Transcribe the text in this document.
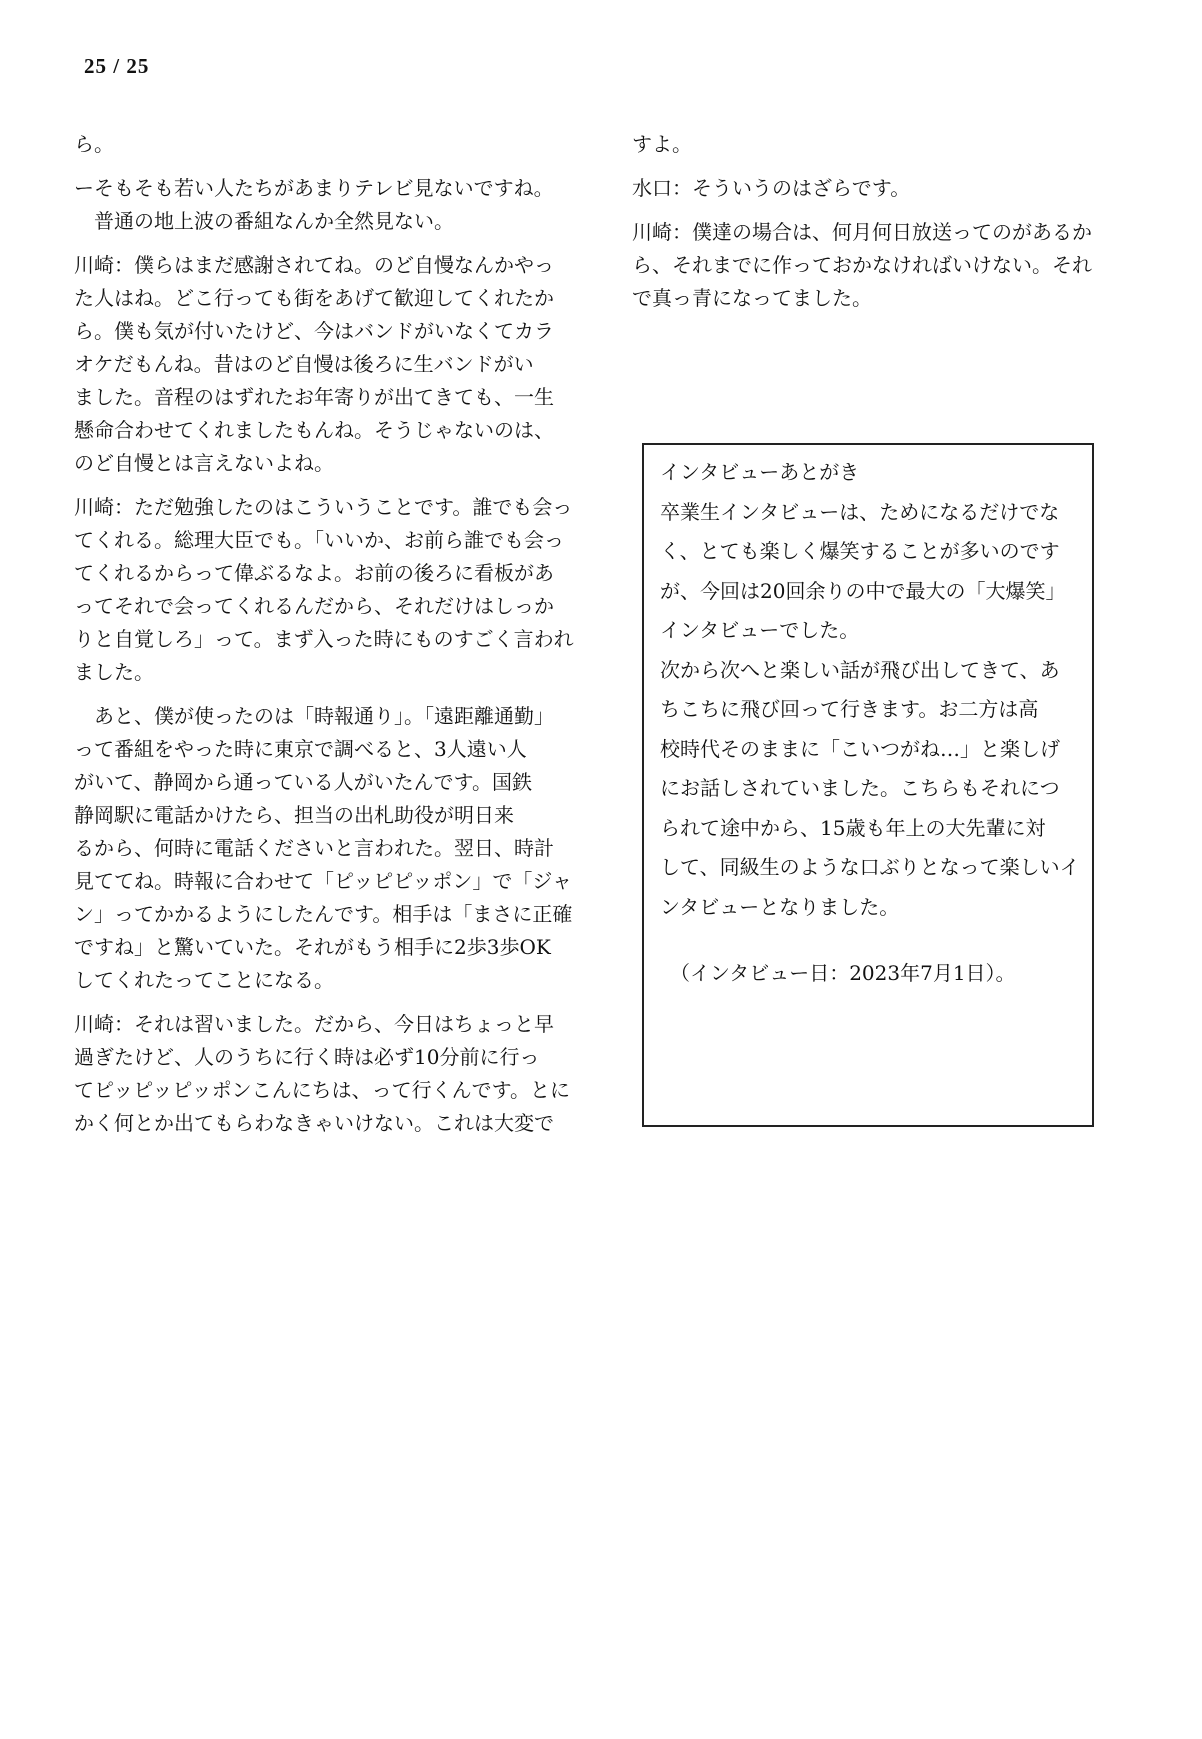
25 / 25

ら。

ーそもそも若い人たちがあまりテレビ見ないですね。
　普通の地上波の番組なんか全然見ない。

川崎：僕らはまだ感謝されてね。のど自慢なんかやっ
た人はね。どこ行っても街をあげて歓迎してくれたか
ら。僕も気が付いたけど、今はバンドがいなくてカラ
オケだもんね。昔はのど自慢は後ろに生バンドがい
ました。音程のはずれたお年寄りが出てきても、一生
懸命合わせてくれましたもんね。そうじゃないのは、
のど自慢とは言えないよね。

川崎：ただ勉強したのはこういうことです。誰でも会っ
てくれる。総理大臣でも。「いいか、お前ら誰でも会っ
てくれるからって偉ぶるなよ。お前の後ろに看板があ
ってそれで会ってくれるんだから、それだけはしっか
りと自覚しろ」って。まず入った時にものすごく言われ
ました。

　あと、僕が使ったのは「時報通り」。「遠距離通勤」
って番組をやった時に東京で調べると、3人遠い人
がいて、静岡から通っている人がいたんです。国鉄
静岡駅に電話かけたら、担当の出札助役が明日来
るから、何時に電話くださいと言われた。翌日、時計
見ててね。時報に合わせて「ピッピピッポン」で「ジャ
ン」ってかかるようにしたんです。相手は「まさに正確
ですね」と驚いていた。それがもう相手に2歩3歩OK
してくれたってことになる。

川崎：それは習いました。だから、今日はちょっと早
過ぎたけど、人のうちに行く時は必ず10分前に行っ
てピッピッピッポンこんにちは、って行くんです。とに
かく何とか出てもらわなきゃいけない。これは大変で

すよ。

水口：そういうのはざらです。

川崎：僕達の場合は、何月何日放送ってのがあるか
ら、それまでに作っておかなければいけない。それ
で真っ青になってました。

インタビューあとがき
卒業生インタビューは、ためになるだけでな
く、とても楽しく爆笑することが多いのです
が、今回は20回余りの中で最大の「大爆笑」
インタビューでした。
次から次へと楽しい話が飛び出してきて、あ
ちこちに飛び回って行きます。お二方は高
校時代そのままに「こいつがね…」と楽しげ
にお話しされていました。こちらもそれにつ
られて途中から、15歳も年上の大先輩に対
して、同級生のような口ぶりとなって楽しいイ
ンタビューとなりました。
（インタビュー日：2023年7月1日）。
